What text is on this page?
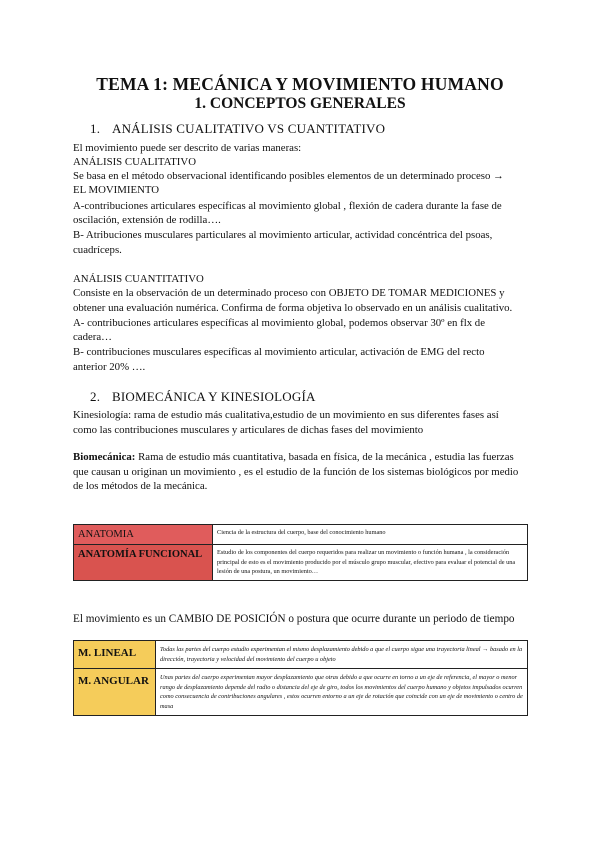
TEMA 1: MECÁNICA Y MOVIMIENTO HUMANO
1. CONCEPTOS GENERALES
1. ANÁLISIS CUALITATIVO VS CUANTITATIVO
El movimiento puede ser descrito de varias maneras:
ANÁLISIS CUALITATIVO
Se basa en el método observacional identificando posibles elementos de un determinado proceso →
EL MOVIMIENTO
A-contribuciones articulares específicas al movimiento global , flexión de cadera durante la fase de
oscilación, extensión de rodilla….
B- Atribuciones musculares particulares al movimiento articular, actividad concéntrica del psoas,
cuadríceps.
ANÁLISIS CUANTITATIVO
Consiste en la observación de un determinado proceso con OBJETO DE TOMAR MEDICIONES y
obtener una evaluación numérica. Confirma de forma objetiva lo observado en un análisis cualitativo.
A- contribuciones articulares específicas al movimiento global, podemos observar 30º en flx de
cadera…
B- contribuciones musculares específicas al movimiento articular, activación de EMG del recto
anterior 20% ….
2. BIOMECÁNICA Y KINESIOLOGÍA
Kinesiología: rama de estudio más cualitativa,estudio de un movimiento en sus diferentes fases así
como las contribuciones musculares y articulares de dichas fases del movimiento
Biomecánica: Rama de estudio más cuantitativa, basada en física, de la mecánica , estudia las fuerzas que causan u originan un movimiento , es el estudio de la función de los sistemas biológicos por medio de los métodos de la mecánica.
ANATOMIA	Ciencia de la estructura del cuerpo, base del conocimiento humano
ANATOMÍA FUNCIONAL	Estudio de los componentes del cuerpo requeridos para realizar un movimiento o función humana , la consideración principal de esto es el movimiento producido por el músculo grupo muscular, efectivo para evaluar el potencial de una lesión de una postura, un movimiento…
El movimiento es un CAMBIO DE POSICIÓN o postura que ocurre durante un periodo de tiempo
M. LINEAL	Todas las partes del cuerpo estudio experimentan el mismo desplazamiento debido a que el cuerpo sigue una trayectoria lineal → basado en la dirección, trayectoria y velocidad del movimiento del cuerpo u objeto
M. ANGULAR	Unas partes del cuerpo experimentan mayor desplazamiento que otras debido a que ocurre en torno a un eje de referencia, el mayor o menor rango de desplazamiento depende del radio o distancia del eje de giro, todos los movimientos del cuerpo humano y objetos impulsados ocurren como consecuencia de contribuciones angulares , estos ocurren entorno a un eje de rotación que coincide con un eje de movimiento o centro de masa
